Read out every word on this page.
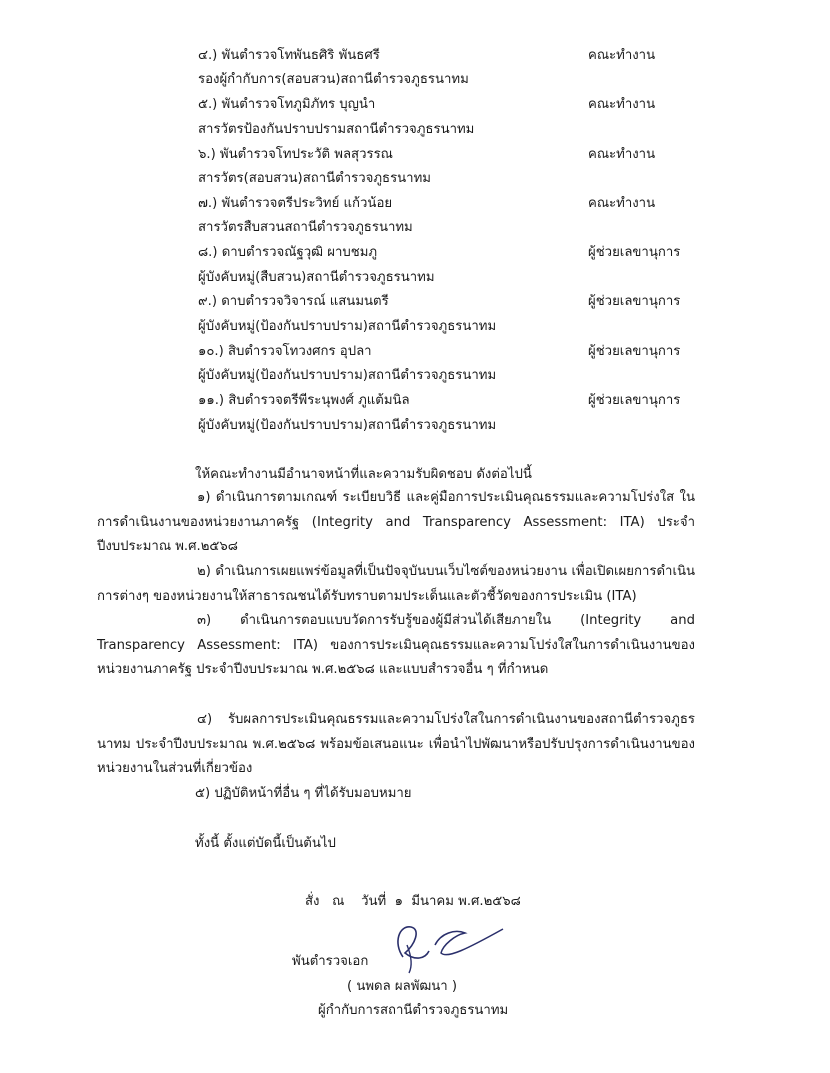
๔.) พันตำรวจโทพันธศิริ พันธศรี	คณะทำงาน
รองผู้กำกับการ(สอบสวน)สถานีตำรวจภูธรนาทม
๕.) พันตำรวจโทภูมิภัทร บุญนำ	คณะทำงาน
สารวัตรป้องกันปราบปรามสถานีตำรวจภูธรนาทม
๖.) พันตำรวจโทประวัติ พลสุวรรณ	คณะทำงาน
สารวัตร(สอบสวน)สถานีตำรวจภูธรนาทม
๗.) พันตำรวจตรีประวิทย์ แก้วน้อย	คณะทำงาน
สารวัตรสืบสวนสถานีตำรวจภูธรนาทม
๘.) ดาบตำรวจณัฐวุฒิ ผาบชมภู	ผู้ช่วยเลขานุการ
ผู้บังคับหมู่(สืบสวน)สถานีตำรวจภูธรนาทม
๙.) ดาบตำรวจวิจารณ์ แสนมนตรี	ผู้ช่วยเลขานุการ
ผู้บังคับหมู่(ป้องกันปราบปราม)สถานีตำรวจภูธรนาทม
๑๐.) สิบตำรวจโทวงศกร อุปลา	ผู้ช่วยเลขานุการ
ผู้บังคับหมู่(ป้องกันปราบปราม)สถานีตำรวจภูธรนาทม
๑๑.) สิบตำรวจตรีพีระนุพงศ์ ภูแต้มนิล	ผู้ช่วยเลขานุการ
ผู้บังคับหมู่(ป้องกันปราบปราม)สถานีตำรวจภูธรนาทม
ให้คณะทำงานมีอำนาจหน้าที่และความรับผิดชอบ ดังต่อไปนี้
๑) ดำเนินการตามเกณฑ์ ระเบียบวิธี และคู่มือการประเมินคุณธรรมและความโปร่งใส ในการดำเนินงานของหน่วยงานภาครัฐ (Integrity and Transparency Assessment: ITA) ประจำปีงบประมาณ พ.ศ.๒๕๖๘
๒) ดำเนินการเผยแพร่ข้อมูลที่เป็นปัจจุบันบนเว็บไซต์ของหน่วยงาน เพื่อเปิดเผยการดำเนินการต่างๆ ของหน่วยงานให้สาธารณชนได้รับทราบตามประเด็นและตัวชี้วัดของการประเมิน (ITA)
๓) ดำเนินการตอบแบบวัดการรับรู้ของผู้มีส่วนได้เสียภายใน (Integrity and Transparency Assessment: ITA) ของการประเมินคุณธรรมและความโปร่งใสในการดำเนินงานของหน่วยงานภาครัฐ ประจำปีงบประมาณ พ.ศ.๒๕๖๘ และแบบสำรวจอื่น ๆ ที่กำหนด
๔) รับผลการประเมินคุณธรรมและความโปร่งใสในการดำเนินงานของสถานีตำรวจภูธรนาทม ประจำปีงบประมาณ พ.ศ.๒๕๖๘ พร้อมข้อเสนอแนะ เพื่อนำไปพัฒนาหรือปรับปรุงการดำเนินงานของหน่วยงานในส่วนที่เกี่ยวข้อง
๕) ปฏิบัติหน้าที่อื่น ๆ ที่ได้รับมอบหมาย
ทั้งนี้ ตั้งแต่บัดนี้เป็นต้นไป
สั่ง   ณ    วันที่  ๑  มีนาคม พ.ศ.๒๕๖๘
พันตำรวจเอก
( นพดล ผลพัฒนา )
ผู้กำกับการสถานีตำรวจภูธรนาทม
